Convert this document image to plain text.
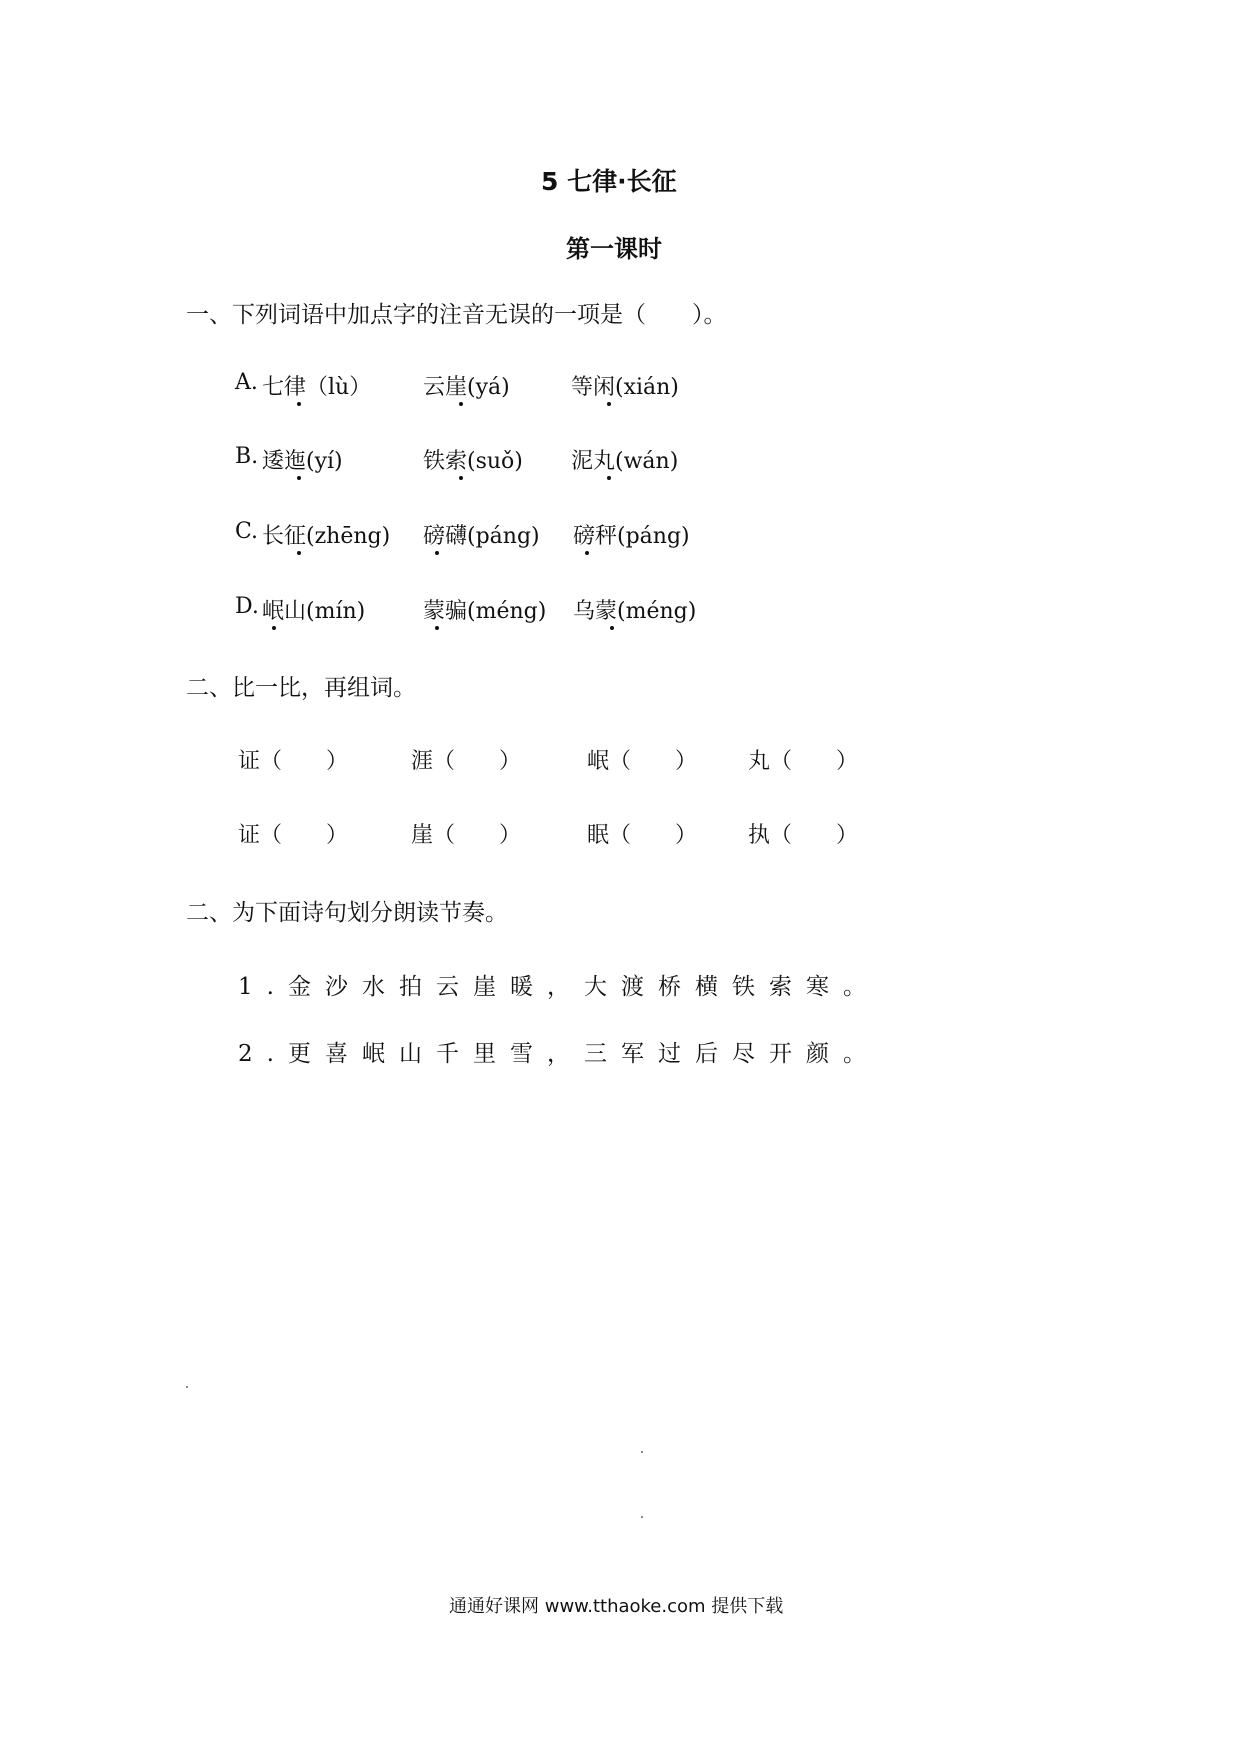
5 七律·长征
第一课时
一、下列词语中加点字的注音无误的一项是（　　）。
A. 七律（lù） 云崖(yá)	等闲(xián)
B. 逶迤(yí)	铁索(suǒ) 泥丸(wán)
C. 长征(zhēng) 磅礴(páng) 磅秤(páng)
D. 岷山(mín)	蒙骗(méng) 乌蒙(méng)
二、比一比，再组词。
证（　　）	涯（　　）	岷（　　） 丸（　　）
证（　　）	崖（　　）	眠（　　） 执（　　）
二、为下面诗句划分朗读节奏。
1.金沙水拍云崖暖，大渡桥横铁索寒。
2.更喜岷山千里雪，三军过后尽开颜。
通通好课网 www.tthaoke.com 提供下载
